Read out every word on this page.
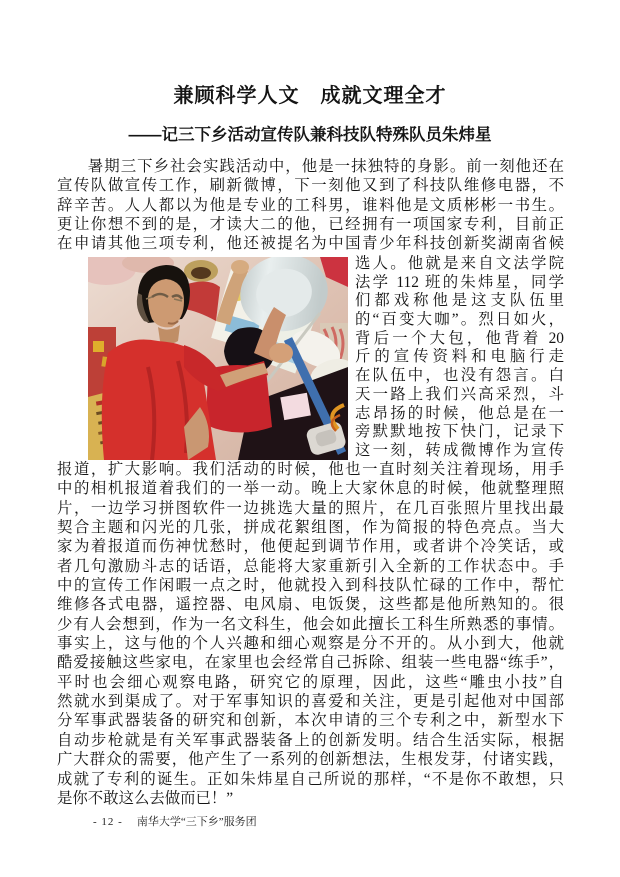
兼顾科学人文　成就文理全才
——记三下乡活动宣传队兼科技队特殊队员朱炜星
暑期三下乡社会实践活动中，他是一抹独特的身影。前一刻他还在
宣传队做宣传工作，刷新微博，下一刻他又到了科技队维修电器，不
辞辛苦。人人都以为他是专业的工科男，谁料他是文质彬彬一书生。
更让你想不到的是，才读大二的他，已经拥有一项国家专利，目前正
在申请其他三项专利，他还被提名为中国青少年科技创新奖湖南省候
选人。他就是来自文法学院
法学 112 班的朱炜星，同学
们都戏称他是这支队伍里
的“百变大咖”。烈日如火，
背后一个大包，他背着 20
斤的宣传资料和电脑行走
在队伍中，也没有怨言。白
天一路上我们兴高采烈，斗
志昂扬的时候，他总是在一
旁默默地按下快门，记录下
这一刻，转成微博作为宣传
报道，扩大影响。我们活动的时候，他也一直时刻关注着现场，用手
中的相机报道着我们的一举一动。晚上大家休息的时候，他就整理照
片，一边学习拼图软件一边挑选大量的照片，在几百张照片里找出最
契合主题和闪光的几张，拼成花絮组图，作为简报的特色亮点。当大
家为着报道而伤神忧愁时，他便起到调节作用，或者讲个冷笑话，或
者几句激励斗志的话语，总能将大家重新引入全新的工作状态中。手
中的宣传工作闲暇一点之时，他就投入到科技队忙碌的工作中，帮忙
维修各式电器，遥控器、电风扇、电饭煲，这些都是他所熟知的。很
少有人会想到，作为一名文科生，他会如此擅长工科生所熟悉的事情。
事实上，这与他的个人兴趣和细心观察是分不开的。从小到大，他就
酷爱接触这些家电，在家里也会经常自己拆除、组装一些电器“练手”，
平时也会细心观察电路，研究它的原理，因此，这些“雕虫小技”自
然就水到渠成了。对于军事知识的喜爱和关注，更是引起他对中国部
分军事武器装备的研究和创新，本次申请的三个专利之中，新型水下
自动步枪就是有关军事武器装备上的创新发明。结合生活实际，根据
广大群众的需要，他产生了一系列的创新想法，生根发芽，付诸实践，
成就了专利的诞生。正如朱炜星自己所说的那样，“不是你不敢想，只
是你不敢这么去做而已！”
- 12 - 南华大学“三下乡”服务团
